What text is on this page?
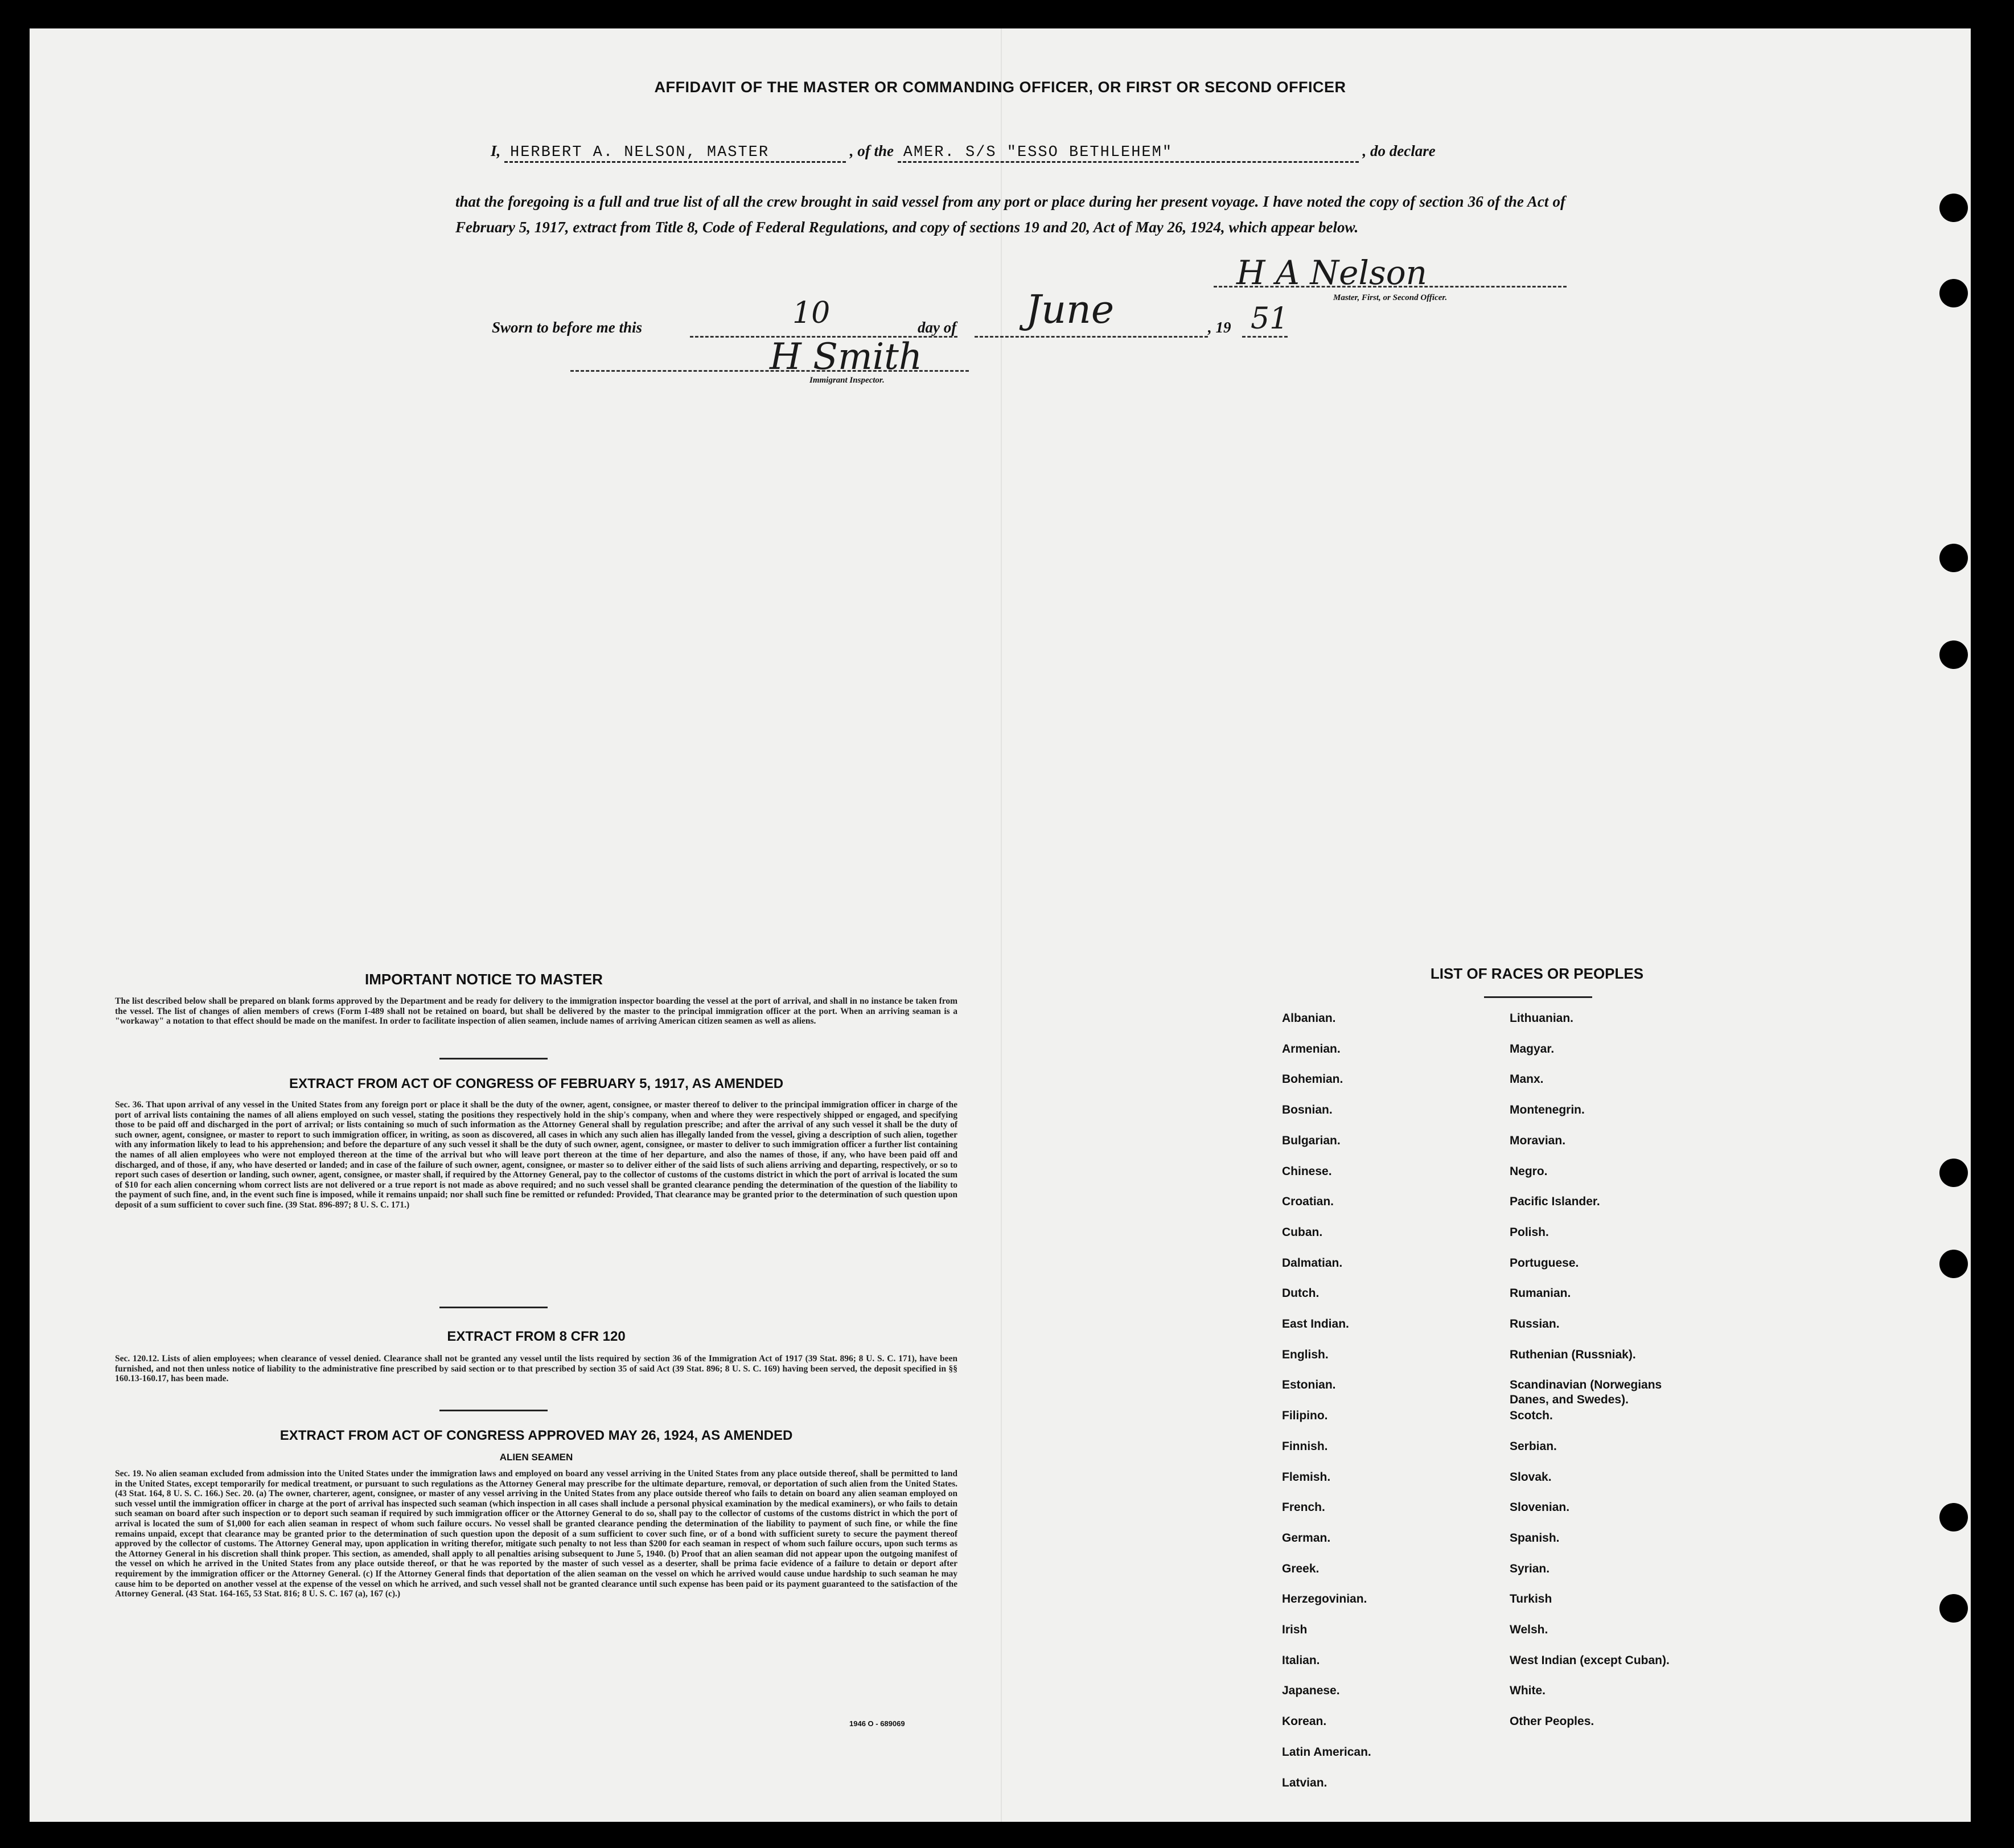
AFFIDAVIT OF THE MASTER OR COMMANDING OFFICER, OR FIRST OR SECOND OFFICER
I, HERBERT A. NELSON, MASTER	, of the AMER. S/S "ESSO BETHLEHEM"	, do declare
that the foregoing is a full and true list of all the crew brought in said vessel from any port or place during her present voyage. I have noted the copy of section 36 of the Act of February 5, 1917, extract from Title 8, Code of Federal Regulations, and copy of sections 19 and 20, Act of May 26, 1924, which appear below.
H A Nelson
Master, First, or Second Officer.
Sworn to before me this	10	day of June	, 19 51
H Smith
Immigrant Inspector.
IMPORTANT NOTICE TO MASTER
The list described below shall be prepared on blank forms approved by the Department and be ready for delivery to the immigration inspector boarding the vessel at the port of arrival, and shall in no instance be taken from the vessel. The list of changes of alien members of crews (Form I-489 shall not be retained on board, but shall be delivered by the master to the principal immigration officer at the port. When an arriving seaman is a "workaway" a notation to that effect should be made on the manifest. In order to facilitate inspection of alien seamen, include names of arriving American citizen seamen as well as aliens.
EXTRACT FROM ACT OF CONGRESS OF FEBRUARY 5, 1917, AS AMENDED
Sec. 36. That upon arrival of any vessel in the United States from any foreign port or place it shall be the duty of the owner, agent, consignee, or master thereof to deliver to the principal immigration officer in charge of the port of arrival lists containing the names of all aliens employed on such vessel, stating the positions they respectively hold in the ship's company, when and where they were respectively shipped or engaged, and specifying those to be paid off and discharged in the port of arrival; or lists containing so much of such information as the Attorney General shall by regulation prescribe; and after the arrival of any such vessel it shall be the duty of such owner, agent, consignee, or master to report to such immigration officer, in writing, as soon as discovered, all cases in which any such alien has illegally landed from the vessel, giving a description of such alien, together with any information likely to lead to his apprehension; and before the departure of any such vessel it shall be the duty of such owner, agent, consignee, or master to deliver to such immigration officer a further list containing the names of all alien employees who were not employed thereon at the time of the arrival but who will leave port thereon at the time of her departure, and also the names of those, if any, who have been paid off and discharged, and of those, if any, who have deserted or landed; and in case of the failure of such owner, agent, consignee, or master so to deliver either of the said lists of such aliens arriving and departing, respectively, or so to report such cases of desertion or landing, such owner, agent, consignee, or master shall, if required by the Attorney General, pay to the collector of customs of the customs district in which the port of arrival is located the sum of $10 for each alien concerning whom correct lists are not delivered or a true report is not made as above required; and no such vessel shall be granted clearance pending the determination of the question of the liability to the payment of such fine, and, in the event such fine is imposed, while it remains unpaid; nor shall such fine be remitted or refunded: Provided, That clearance may be granted prior to the determination of such question upon deposit of a sum sufficient to cover such fine. (39 Stat. 896-897; 8 U. S. C. 171.)
EXTRACT FROM 8 CFR 120
Sec. 120.12. Lists of alien employees; when clearance of vessel denied. Clearance shall not be granted any vessel until the lists required by section 36 of the Immigration Act of 1917 (39 Stat. 896; 8 U. S. C. 171), have been furnished, and not then unless notice of liability to the administrative fine prescribed by said section or to that prescribed by section 35 of said Act (39 Stat. 896; 8 U. S. C. 169) having been served, the deposit specified in §§ 160.13-160.17, has been made.
EXTRACT FROM ACT OF CONGRESS APPROVED MAY 26, 1924, AS AMENDED
ALIEN SEAMEN
Sec. 19. No alien seaman excluded from admission into the United States under the immigration laws and employed on board any vessel arriving in the United States from any place outside thereof, shall be permitted to land in the United States, except temporarily for medical treatment, or pursuant to such regulations as the Attorney General may prescribe for the ultimate departure, removal, or deportation of such alien from the United States. (43 Stat. 164, 8 U. S. C. 166.) Sec. 20. (a) The owner, charterer, agent, consignee, or master of any vessel arriving in the United States from any place outside thereof who fails to detain on board any alien seaman employed on such vessel until the immigration officer in charge at the port of arrival has inspected such seaman (which inspection in all cases shall include a personal physical examination by the medical examiners), or who fails to detain such seaman on board after such inspection or to deport such seaman if required by such immigration officer or the Attorney General to do so, shall pay to the collector of customs of the customs district in which the port of arrival is located the sum of $1,000 for each alien seaman in respect of whom such failure occurs. No vessel shall be granted clearance pending the determination of the liability to payment of such fine, or while the fine remains unpaid, except that clearance may be granted prior to the determination of such question upon the deposit of a sum sufficient to cover such fine, or of a bond with sufficient surety to secure the payment thereof approved by the collector of customs. The Attorney General may, upon application in writing therefor, mitigate such penalty to not less than $200 for each seaman in respect of whom such failure occurs, upon such terms as the Attorney General in his discretion shall think proper. This section, as amended, shall apply to all penalties arising subsequent to June 5, 1940. (b) Proof that an alien seaman did not appear upon the outgoing manifest of the vessel on which he arrived in the United States from any place outside thereof, or that he was reported by the master of such vessel as a deserter, shall be prima facie evidence of a failure to detain or deport after requirement by the immigration officer or the Attorney General. (c) If the Attorney General finds that deportation of the alien seaman on the vessel on which he arrived would cause undue hardship to such seaman he may cause him to be deported on another vessel at the expense of the vessel on which he arrived, and such vessel shall not be granted clearance until such expense has been paid or its payment guaranteed to the satisfaction of the Attorney General. (43 Stat. 164-165, 53 Stat. 816; 8 U. S. C. 167 (a), 167 (c).)
1946 O - 689069
LIST OF RACES OR PEOPLES
Albanian.
Armenian.
Bohemian.
Bosnian.
Bulgarian.
Chinese.
Croatian.
Cuban.
Dalmatian.
Dutch.
East Indian.
English.
Estonian.
Filipino.
Finnish.
Flemish.
French.
German.
Greek.
Herzegovinian.
Irish
Italian.
Japanese.
Korean.
Latin American.
Latvian.
Lithuanian.
Magyar.
Manx.
Montenegrin.
Moravian.
Negro.
Pacific Islander.
Polish.
Portuguese.
Rumanian.
Russian.
Ruthenian (Russniak).
Scandinavian (Norwegians
Danes, and Swedes).
Scotch.
Serbian.
Slovak.
Slovenian.
Spanish.
Syrian.
Turkish
Welsh.
West Indian (except Cuban).
White.
Other Peoples.
